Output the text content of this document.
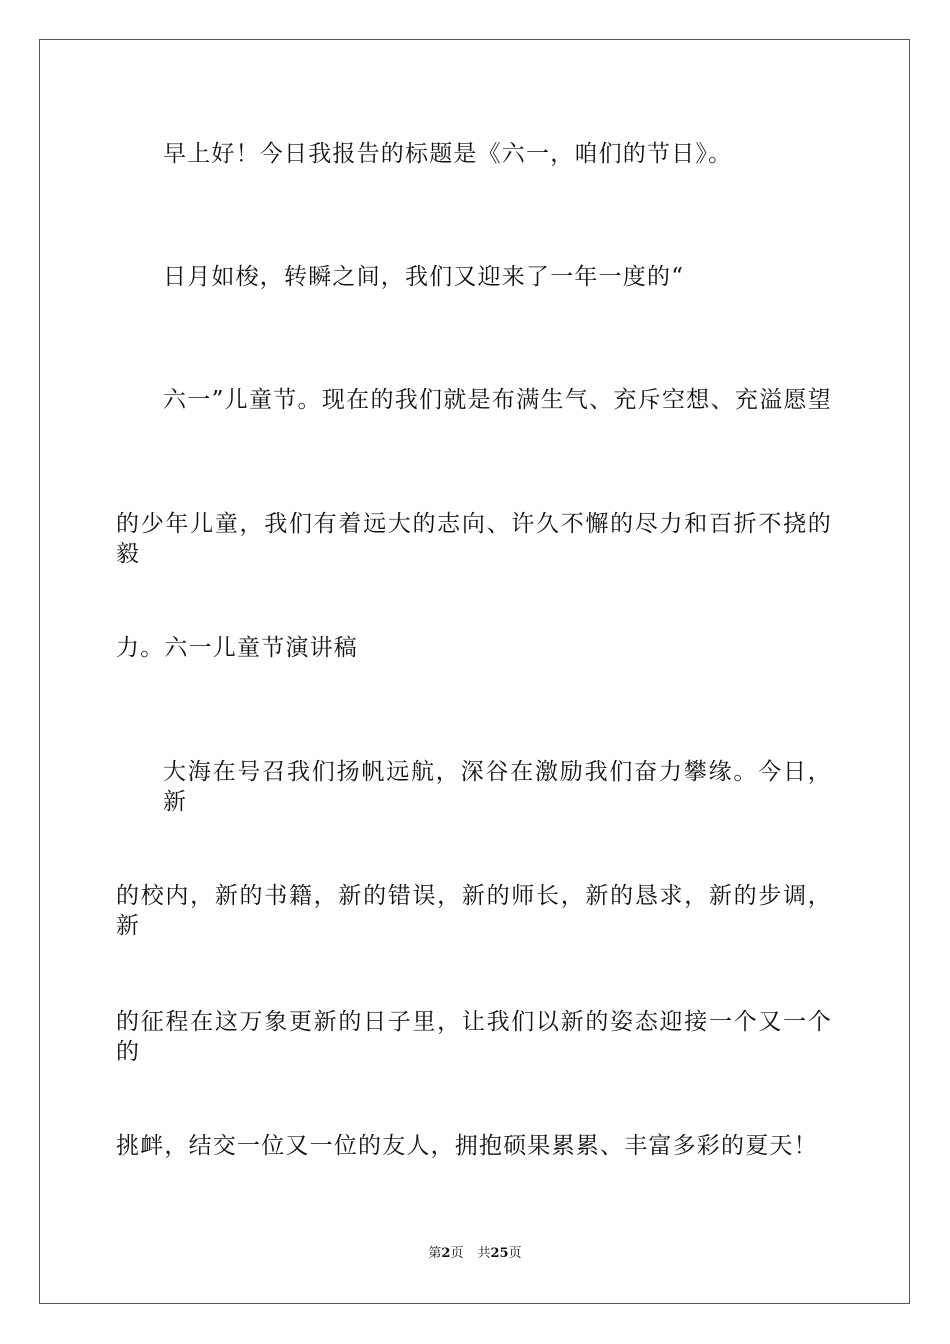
早上好！今日我报告的标题是《六一，咱们的节日》。
日月如梭，转瞬之间，我们又迎来了一年一度的“
六一”儿童节。现在的我们就是布满生气、充斥空想、充溢愿望
的少年儿童，我们有着远大的志向、许久不懈的尽力和百折不挠的毅
力。六一儿童节演讲稿
大海在号召我们扬帆远航，深谷在激励我们奋力攀缘。今日，新
的校内，新的书籍，新的错误，新的师长，新的恳求，新的步调，新
的征程在这万象更新的日子里，让我们以新的姿态迎接一个又一个的
挑衅，结交一位又一位的友人，拥抱硕果累累、丰富多彩的夏天！
第2页 共25页
